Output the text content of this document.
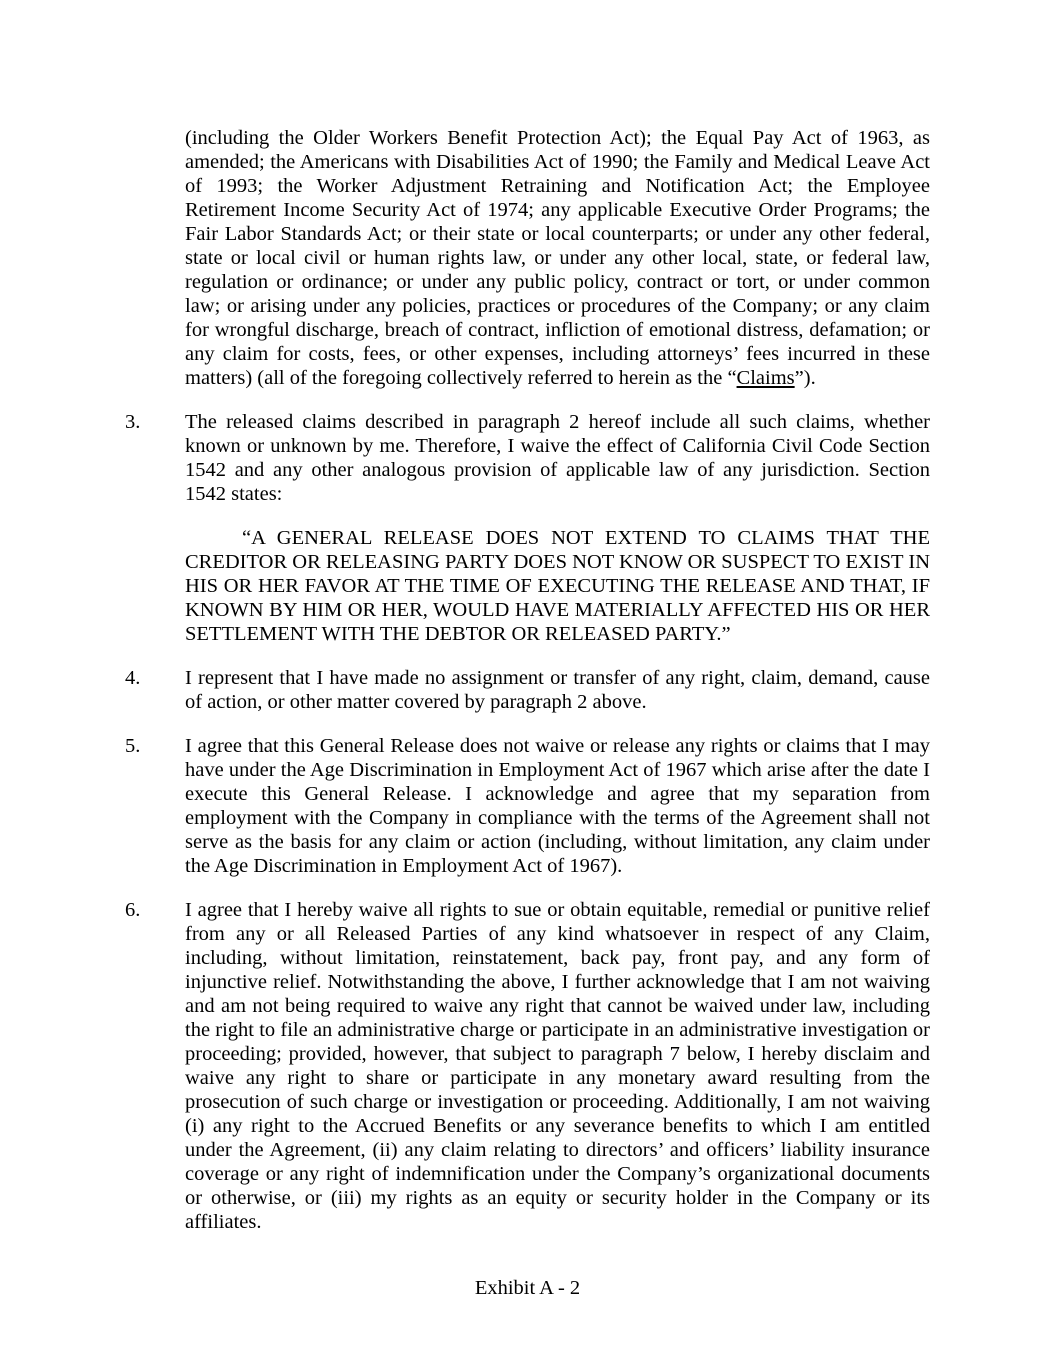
(including the Older Workers Benefit Protection Act); the Equal Pay Act of 1963, as amended; the Americans with Disabilities Act of 1990; the Family and Medical Leave Act of 1993; the Worker Adjustment Retraining and Notification Act; the Employee Retirement Income Security Act of 1974; any applicable Executive Order Programs; the Fair Labor Standards Act; or their state or local counterparts; or under any other federal, state or local civil or human rights law, or under any other local, state, or federal law, regulation or ordinance; or under any public policy, contract or tort, or under common law; or arising under any policies, practices or procedures of the Company; or any claim for wrongful discharge, breach of contract, infliction of emotional distress, defamation; or any claim for costs, fees, or other expenses, including attorneys’ fees incurred in these matters) (all of the foregoing collectively referred to herein as the “Claims”).

3. The released claims described in paragraph 2 hereof include all such claims, whether known or unknown by me. Therefore, I waive the effect of California Civil Code Section 1542 and any other analogous provision of applicable law of any jurisdiction. Section 1542 states:

“A GENERAL RELEASE DOES NOT EXTEND TO CLAIMS THAT THE CREDITOR OR RELEASING PARTY DOES NOT KNOW OR SUSPECT TO EXIST IN HIS OR HER FAVOR AT THE TIME OF EXECUTING THE RELEASE AND THAT, IF KNOWN BY HIM OR HER, WOULD HAVE MATERIALLY AFFECTED HIS OR HER SETTLEMENT WITH THE DEBTOR OR RELEASED PARTY.”

4. I represent that I have made no assignment or transfer of any right, claim, demand, cause of action, or other matter covered by paragraph 2 above.

5. I agree that this General Release does not waive or release any rights or claims that I may have under the Age Discrimination in Employment Act of 1967 which arise after the date I execute this General Release. I acknowledge and agree that my separation from employment with the Company in compliance with the terms of the Agreement shall not serve as the basis for any claim or action (including, without limitation, any claim under the Age Discrimination in Employment Act of 1967).

6. I agree that I hereby waive all rights to sue or obtain equitable, remedial or punitive relief from any or all Released Parties of any kind whatsoever in respect of any Claim, including, without limitation, reinstatement, back pay, front pay, and any form of injunctive relief. Notwithstanding the above, I further acknowledge that I am not waiving and am not being required to waive any right that cannot be waived under law, including the right to file an administrative charge or participate in an administrative investigation or proceeding; provided, however, that subject to paragraph 7 below, I hereby disclaim and waive any right to share or participate in any monetary award resulting from the prosecution of such charge or investigation or proceeding. Additionally, I am not waiving (i) any right to the Accrued Benefits or any severance benefits to which I am entitled under the Agreement, (ii) any claim relating to directors’ and officers’ liability insurance coverage or any right of indemnification under the Company’s organizational documents or otherwise, or (iii) my rights as an equity or security holder in the Company or its affiliates.

Exhibit A - 2
